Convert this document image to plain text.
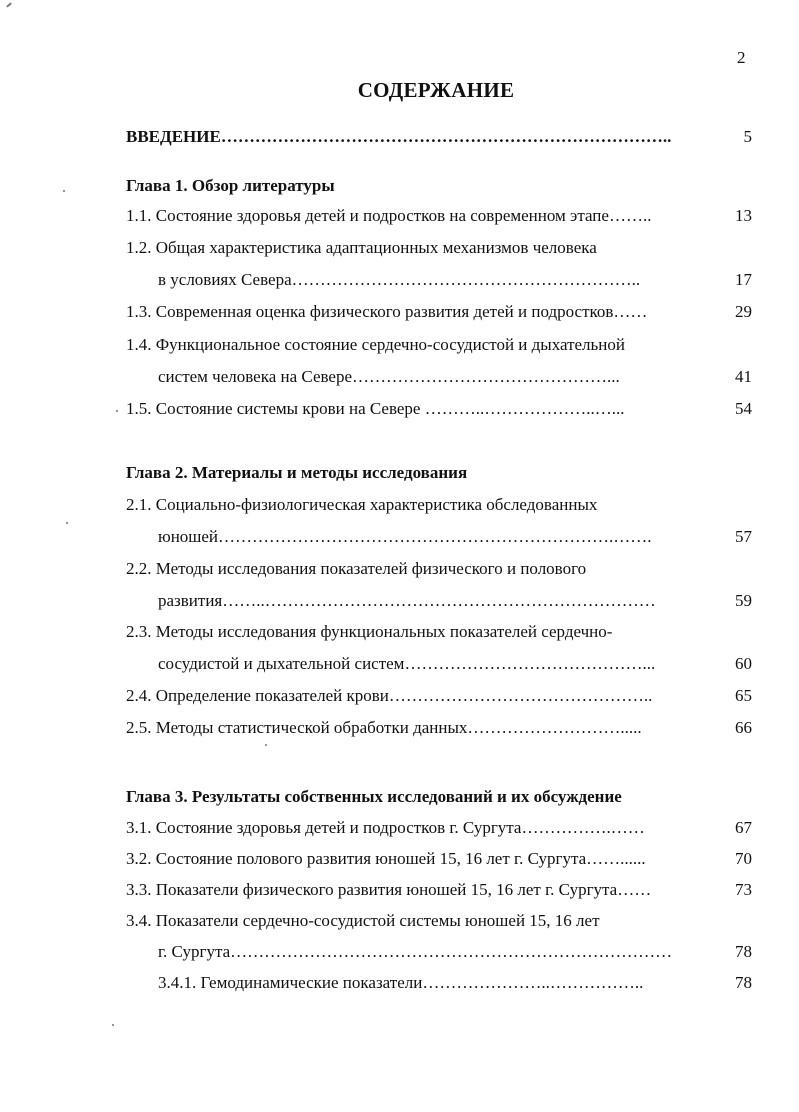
2
СОДЕРЖАНИЕ
ВВЕДЕНИЕ……………………………………………………………………..	5
Глава 1. Обзор литературы
1.1. Состояние здоровья детей и подростков на современном этапе……..	13
1.2. Общая характеристика адаптационных механизмов человека
в условиях Севера……………………………………………………..	17
1.3. Современная оценка физического развития детей и подростков……	29
1.4. Функциональное состояние сердечно-сосудистой и дыхательной
систем человека на Севере………………………………………...	41
1.5. Состояние системы крови на Севере ………..………………..…...	54
Глава 2. Материалы и методы исследования
2.1. Социально-физиологическая характеристика обследованных
юношей…………………………………………………………….…….	57
2.2. Методы исследования показателей физического и полового
развития……..……………………………………………………………	59
2.3. Методы исследования функциональных показателей сердечно-
сосудистой и дыхательной систем……………………………………...	60
2.4. Определение показателей крови………………………………………..	65
2.5. Методы статистической обработки данных……………………….....	66
Глава 3. Результаты собственных исследований и их обсуждение
3.1. Состояние здоровья детей и подростков г. Сургута…………….……	67
3.2. Состояние полового развития юношей 15, 16 лет г. Сургута……......	70
3.3. Показатели физического развития юношей 15, 16 лет г. Сургута……	73
3.4. Показатели сердечно-сосудистой системы юношей 15, 16 лет
г. Сургута……………………………………………………………………	78
3.4.1. Гемодинамические показатели…………………..……………..	78
